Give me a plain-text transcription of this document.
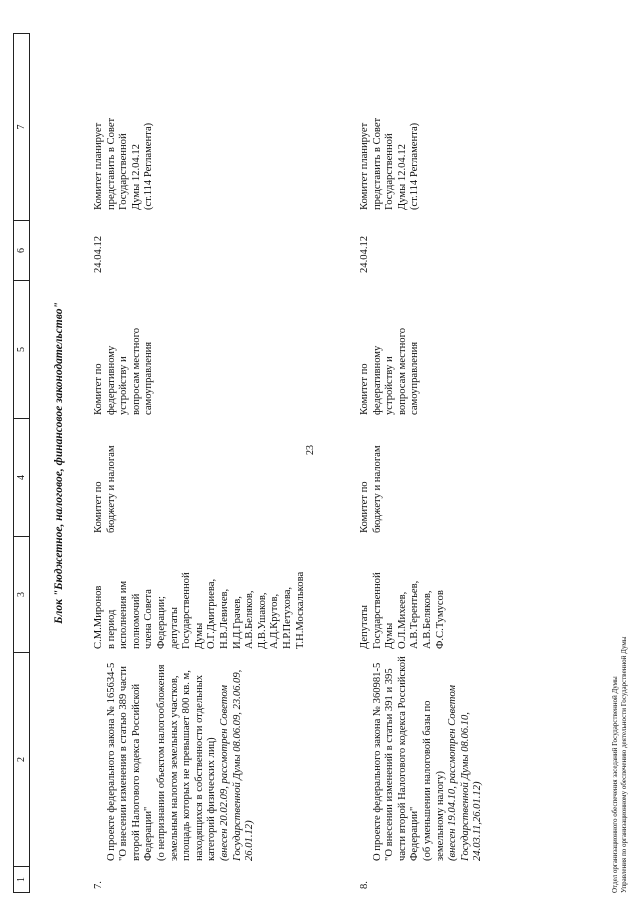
23
1
2
3
4
5
6
7
Блок "Бюджетное, налоговое, финансовое законодательство"
7.

О проекте федерального закона № 165634-5 "О внесении изменения в статью 389 части второй Налогового кодекса Российской Федерации"
(о непризнании объектом налогообложения земельным налогом земельных участков, площадь которых не превышает 800 кв. м, находящихся в собственности отдельных категорий физических лиц) (внесен 20.02.09, рассмотрен Советом Государственной Думы 08.06.09, 23.06.09, 26.01.12)

С.М.Миронов
в период
исполнения им
полномочий
члена Совета
Федерации;
депутаты
Государственной
Думы
О.Г.Дмитриева,
Н.В.Левичев,
И.Д.Грачев,
А.В.Беляков,
Д.В.Ушаков,
А.Д.Крутов,
Н.Р.Петухова,
Т.Н.Москалькова
Комитет по
бюджету и налогам
Комитет по
федеративному
устройству и
вопросам местного
самоуправления
24.04.12
Комитет планирует
представить в Совет
Государственной
Думы 12.04.12
(ст.114 Регламента)
8.

О проекте федерального закона № 360981-5 "О внесении изменений в статьи 391 и 395 части второй Налогового кодекса Российской Федерации"
(об уменьшении налоговой базы по земельному налогу) (внесен 19.04.10, рассмотрен Советом Государственной Думы 08.06.10, 24.03.11,26.01.12)

Депутаты
Государственной
Думы
О.Л.Михеев,
А.В.Терентьев,
А.В.Беляков,
Ф.С.Тумусов
Комитет по
бюджету и налогам
Комитет по
федеративному
устройству и
вопросам местного
самоуправления
24.04.12
Комитет планирует
представить в Совет
Государственной
Думы 12.04.12
(ст.114 Регламента)
Отдел организационного обеспечения заседаний Государственной Думы Управления по организационному обеспечению деятельности Государственной Думы
